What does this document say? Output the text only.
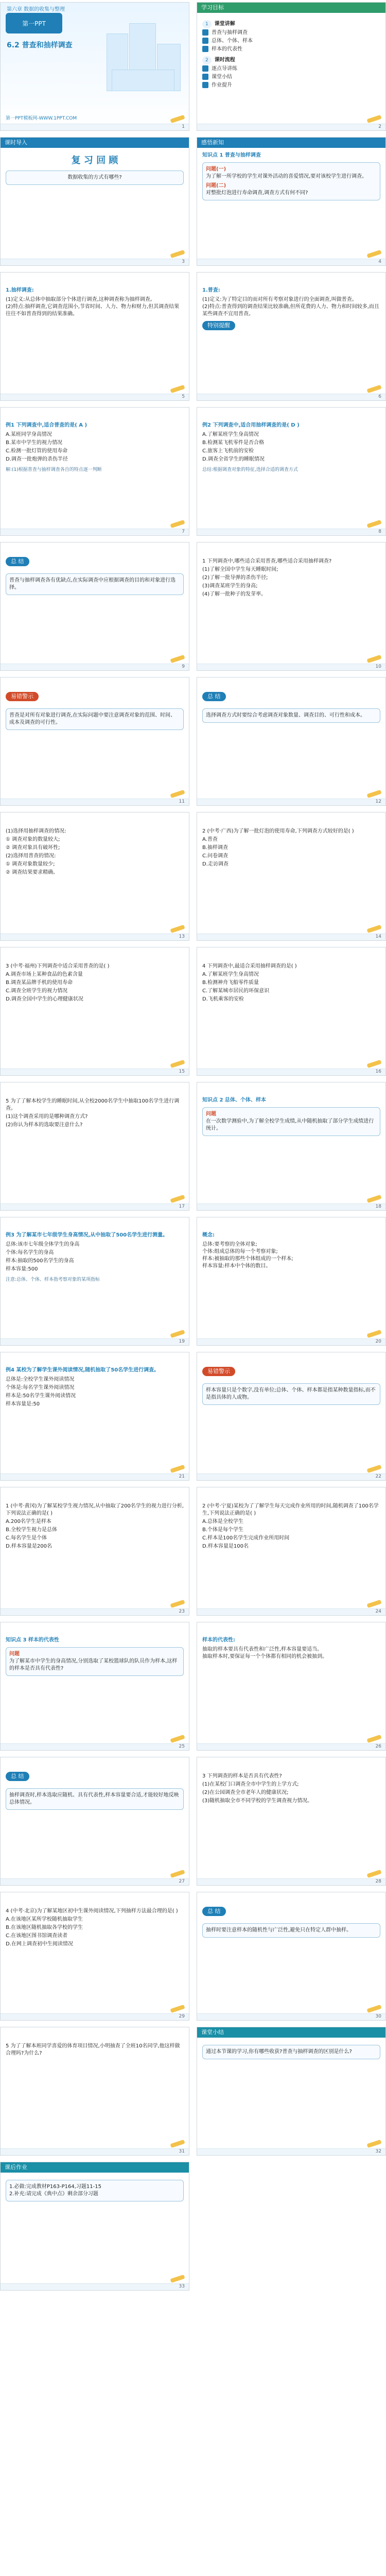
第六章 数据的收集与整理
第一PPT
6.2 普查和抽样调查
第一PPT模板网-WWW.1PPT.COM
1
学习目标
1 课堂讲解
普查与抽样调查
总体、个体、样本
样本的代表性
2 课时流程
逐点导讲练
课堂小结
作业提升
2
课时导入
复 习 回 顾
数据收集的方式有哪些?
3
感悟新知
知识点 1 普查与抽样调查
问题(一)
为了解一所学校的学生对课外活动的喜爱情况,要对该校学生进行调查。
问题(二)
对整批灯泡进行寿命调查,调查方式有何不同?
4
1.抽样调查:
(1)定义:从总体中抽取部分个体进行调查,这种调查称为抽样调查。
(2)特点:抽样调查,它调查范围小,节省时间、人力、物力和财力,但其调查结果往往不如普查得到的结果准确。
5
1.普查:
(1)定义:为了特定目的而对所有考察对象进行的全面调查,叫做普查。
(2)特点:普查得到的调查结果比较准确,但所花费的人力、物力和时间较多,而且某些调查不宜用普查。
特别提醒
6
例1 下列调查中,适合普查的是( A )
A.某班同学身高情况
B.某市中学生的视力情况
C.检测一批灯管的使用寿命
D.调查一批炮弹的杀伤半径
解:(1)根据普查与抽样调查各自的特点逐一判断
7
例2 下列调查中,适合用抽样调查的是( D )
A.了解某班学生身高情况
B.检测某飞机零件是否合格
C.旅客上飞机前的安检
D.调查全省学生的睡眠情况
总结:根据调查对象的特征,选择合适的调查方式
8
总 结
普查与抽样调查各有优缺点,在实际调查中应根据调查的目的和对象进行选择。
9
1 下列调查中,哪些适合采用普查,哪些适合采用抽样调查?
(1)了解全国中学生每天睡眠时间;
(2)了解一批导弹的杀伤半径;
(3)调查某班学生的身高;
(4)了解一批种子的发芽率。
10
易错警示
普查是对所有对象进行调查,在实际问题中要注意调查对象的范围、时间、成本及调查的可行性。
11
总 结
选择调查方式时要综合考虑调查对象数量、调查目的、可行性和成本。
12
(1)选择用抽样调查的情况:
① 调查对象的数量较大;
② 调查对象具有破坏性;
(2)选择用普查的情况:
① 调查对象数量较少;
② 调查结果要求精确。
13
2 (中考·广西)为了解一批灯泡的使用寿命,下列调查方式较好的是( )
A.普查
B.抽样调查
C.问卷调查
D.走访调查
14
3 (中考·福州)下列调查中适合采用普查的是( )
A.调查市场上某种食品的色素含量
B.调查某品牌手机的使用寿命
C.调查全班学生的视力情况
D.调查全国中学生的心理健康状况
15
4 下列调查中,最适合采用抽样调查的是( )
A.了解某班学生身高情况
B.检测神舟飞船零件质量
C.了解某城市居民的环保意识
D.飞机乘客的安检
16
5 为了了解本校学生的睡眠时间,从全校2000名学生中抽取100名学生进行调查。
(1)这个调查采用的是哪种调查方式?
(2)你认为样本的选取要注意什么?
17
知识点 2 总体、个体、样本
问题
在一次数学测验中,为了解全校学生成绩,从中随机抽取了部分学生成绩进行统计。
18
例3 为了解某市七年级学生身高情况,从中抽取了500名学生进行测量。
总体:该市七年级全体学生的身高
个体:每名学生的身高
样本:抽取的500名学生的身高
样本容量:500
注意:总体、个体、样本指考察对象的某项指标
19
概念:
总体:要考察的全体对象;
个体:组成总体的每一个考察对象;
样本:被抽取的那些个体组成的一个样本;
样本容量:样本中个体的数目。
20
例4 某校为了解学生课外阅读情况,随机抽取了50名学生进行调查。
总体是:全校学生课外阅读情况
个体是:每名学生课外阅读情况
样本是:50名学生课外阅读情况
样本容量是:50
21
易错警示
样本容量只是个数字,没有单位;总体、个体、样本都是指某种数量指标,而不是指具体的人或物。
22
1 (中考·黄冈)为了解某校学生视力情况,从中抽取了200名学生的视力进行分析,下列说法正确的是( )
A.200名学生是样本
B.全校学生视力是总体
C.每名学生是个体
D.样本容量是200名
23
2 (中考·宁夏)某校为了了解学生每天完成作业所用的时间,随机调查了100名学生,下列说法正确的是( )
A.总体是全校学生
B.个体是每个学生
C.样本是100名学生完成作业所用时间
D.样本容量是100名
24
知识点 3 样本的代表性
问题
为了解某市中学生的身高情况,分别选取了某校篮球队的队员作为样本,这样的样本是否具有代表性?
25
样本的代表性:
抽取的样本要具有代表性和广泛性,样本容量要适当。
抽取样本时,要保证每一个个体都有相同的机会被抽到。
26
总 结
抽样调查时,样本选取应随机、具有代表性,样本容量要合适,才能较好地反映总体情况。
27
3 下列调查的样本是否具有代表性?
(1)在某校门口调查全市中学生的上学方式;
(2)在公园调查全市老年人的健康状况;
(3)随机抽取全市不同学校的学生调查视力情况。
28
4 (中考·北京)为了解某地区初中生课外阅读情况,下列抽样方法最合理的是( )
A.在该地区某所学校随机抽取学生
B.在该地区随机抽取各学校的学生
C.在该地区图书馆调查读者
D.在网上调查初中生阅读情况
29
总 结
抽样时要注意样本的随机性与广泛性,避免只在特定人群中抽样。
30
5 为了了解本班同学喜爱的体育项目情况,小明抽查了全班10名同学,他这样做合理吗?为什么?
31
课堂小结
通过本节课的学习,你有哪些收获?普查与抽样调查的区别是什么?
32
课后作业
1.必做:完成教材P163-P164,习题11-15
2.补充:请完成《典中点》剩余部分习题
33
